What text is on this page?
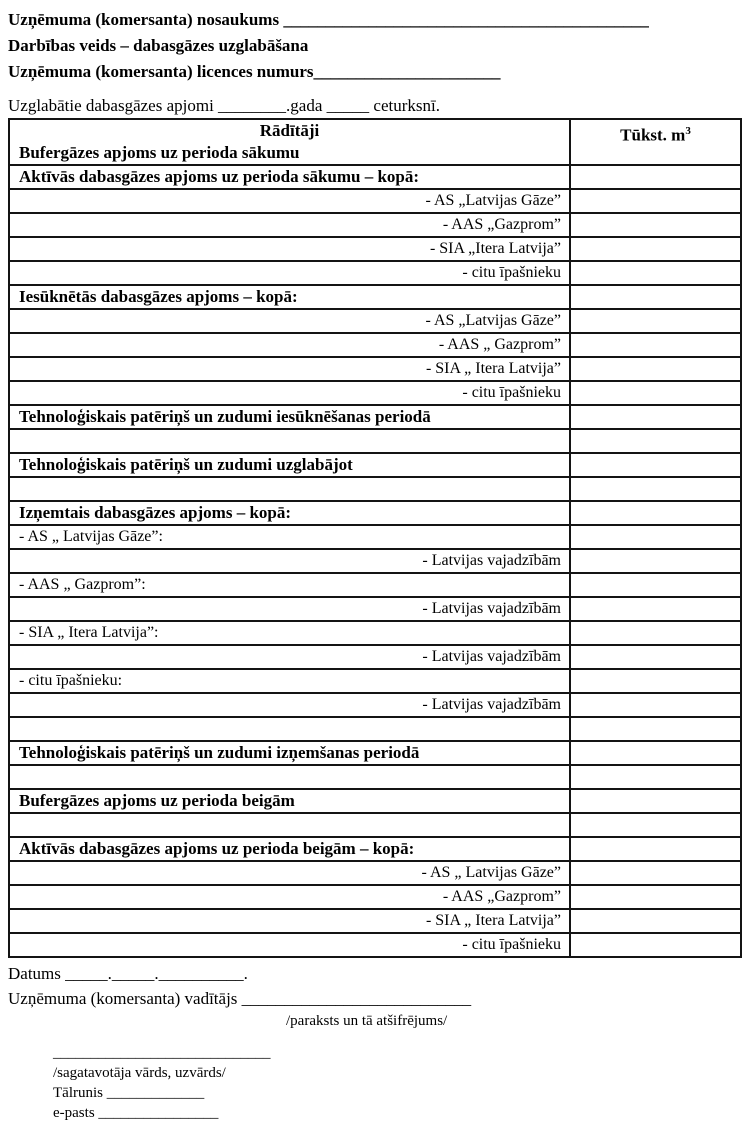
Uzņēmuma (komersanta) nosaukums ___________________________________________
Darbības veids – dabasgāzes uzglabāšana
Uzņēmuma (komersanta) licences numurs______________________
Uzglabātie dabasgāzes apjomi ________.gada _____ ceturksnī.
Rādītāji	Tūkst. $m^3$
Bufergāzes apjoms uz perioda sākumu
Aktīvās dabasgāzes apjoms uz perioda sākumu – kopā:
- AS „Latvijas Gāze”
- AAS „Gazprom”
- SIA „Itera Latvija”
- citu īpašnieku
Iesūknētās dabasgāzes apjoms – kopā:
- AS „Latvijas Gāze”
- AAS „ Gazprom”
- SIA „ Itera Latvija”
- citu īpašnieku
Tehnoloģiskais patēriņš un zudumi iesūknēšanas periodā
Tehnoloģiskais patēriņš un zudumi uzglabājot
Izņemtais dabasgāzes apjoms – kopā:
- AS „ Latvijas Gāze”:
- Latvijas vajadzībām
- AAS „ Gazprom”:
- Latvijas vajadzībām
- SIA „ Itera Latvija”:
- Latvijas vajadzībām
- citu īpašnieku:
- Latvijas vajadzībām
Tehnoloģiskais patēriņš un zudumi izņemšanas periodā
Bufergāzes apjoms uz perioda beigām
Aktīvās dabasgāzes apjoms uz perioda beigām – kopā:
- AS „ Latvijas Gāze”
- AAS „Gazprom”
- SIA „ Itera Latvija”
- citu īpašnieku
Datums _____._____.__________.
Uzņēmuma (komersanta) vadītājs ___________________________
/paraksts un tā atšifrējums/
_____________________________
/sagatavotāja vārds, uzvārds/
Tālrunis _____________
e-pasts ________________
